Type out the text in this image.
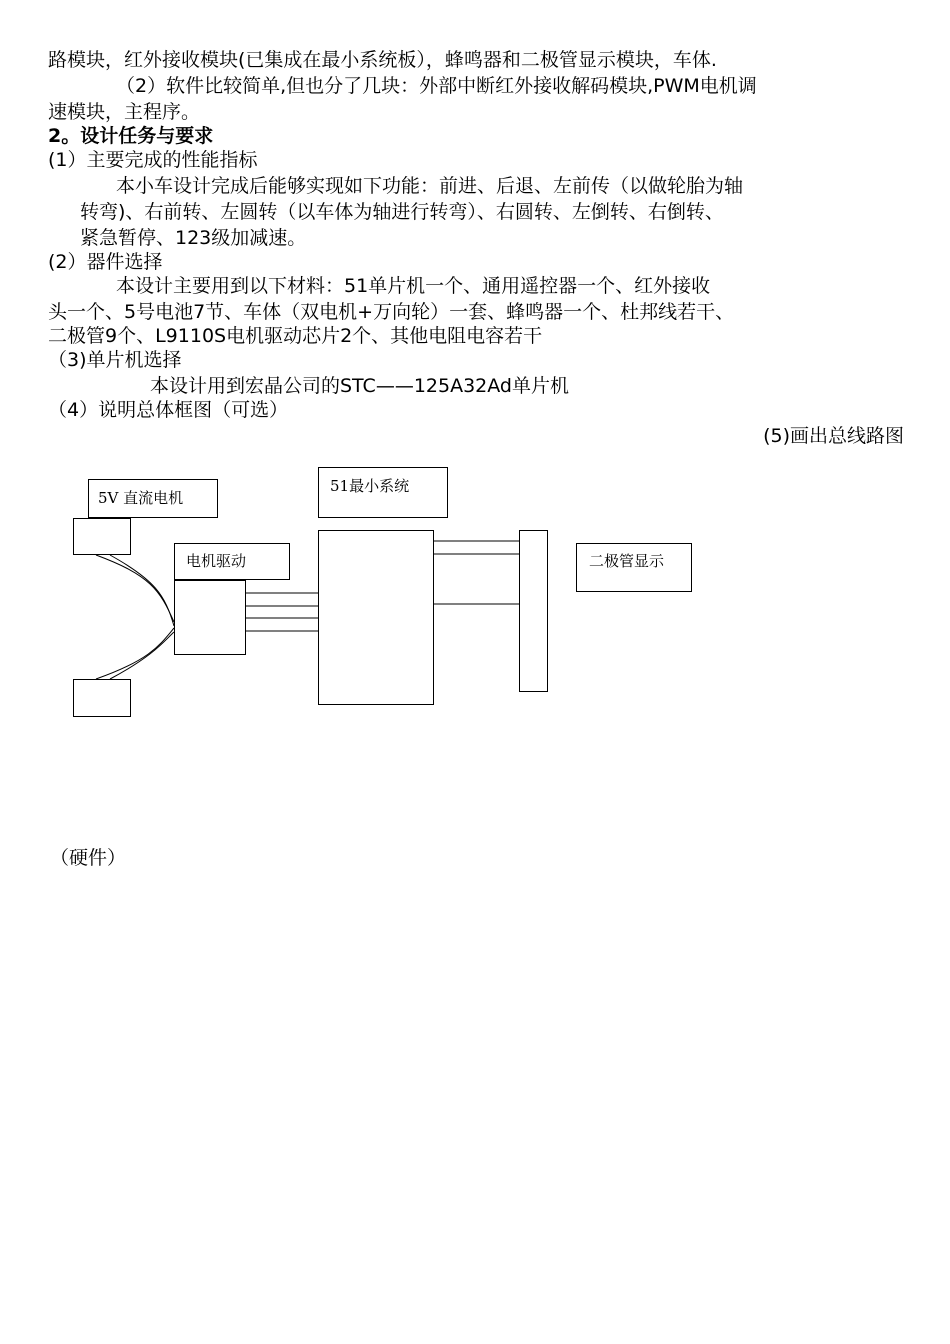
路模块，红外接收模块(已集成在最小系统板），蜂鸣器和二极管显示模块，车体.
（2）软件比较简单,但也分了几块：外部中断红外接收解码模块,PWM电机调
速模块，主程序。
2。设计任务与要求
(1）主要完成的性能指标
本小车设计完成后能够实现如下功能：前进、后退、左前传（以做轮胎为轴
转弯)、右前转、左圆转（以车体为轴进行转弯）、右圆转、左倒转、右倒转、
紧急暂停、123级加减速。
(2）器件选择
本设计主要用到以下材料：51单片机一个、通用遥控器一个、红外接收
头一个、5号电池7节、车体（双电机+万向轮）一套、蜂鸣器一个、杜邦线若干、
二极管9个、L9110S电机驱动芯片2个、其他电阻电容若干
（3)单片机选择
本设计用到宏晶公司的STC——125A32Ad单片机
（4）说明总体框图（可选）
(5)画出总线路图
5V 直流电机
51最小系统
电机驱动	二极管显示
（硬件）
